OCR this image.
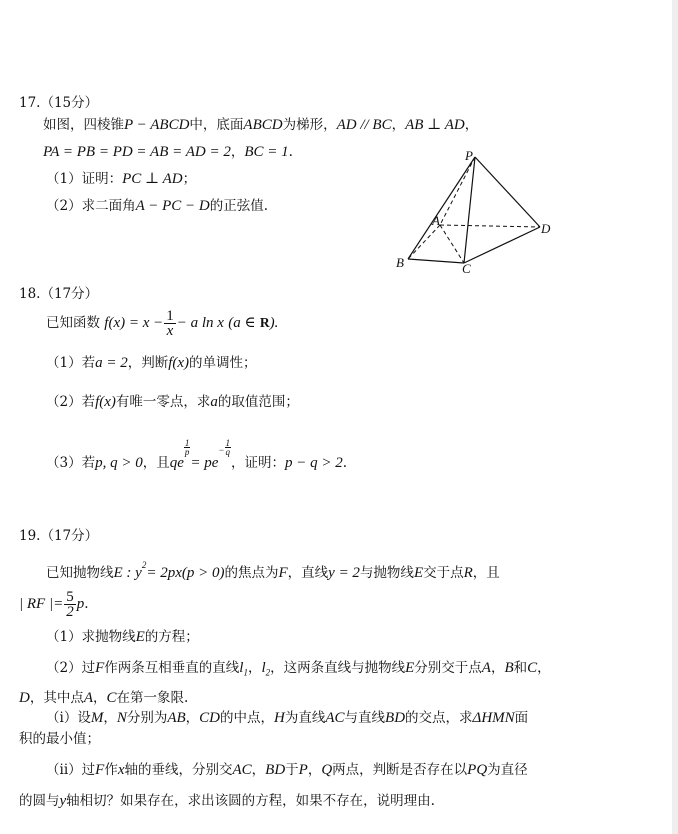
17.（15分）
如图，四棱锥P − ABCD中，底面ABCD为梯形，AD // BC，AB ⊥ AD，
PA = PB = PD = AB = AD = 2，BC = 1.
（1）证明：PC ⊥ AD；
（2）求二面角A − PC − D的正弦值.
P
A
B	C
D
18.（17分）
已知函数 $f(x) = x - \frac{1}{x} - a$ ln x (a ∈ R).
（1）若a = 2，判断f(x)的单调性；
（2）若f(x)有唯一零点，求a的取值范围；
（3）若p, q > 0，且qe
$\frac{1}{p}$
= $pe^- \frac{1}{q}$
，证明：p − q > 2.
19.（17分）
已知抛物线E : $y^2= 2px(p > 0)$的焦点为F，直线y = 2与抛物线E交于点R，且
| RF |= $\frac{5}{2} p$.
（1）求抛物线E的方程；
（2）过F作两条互相垂直的直线$l_1$，$l_2$，这两条直线与抛物线E分别交于点A，B和C，
D，其中点A，C在第一象限.
（i）设M，N分别为AB，CD的中点，H为直线AC与直线BD的交点，求ΔHMN面
积的最小值；
（ii）过F作x轴的垂线，分别交AC，BD于P，Q两点，判断是否存在以PQ为直径
的圆与y轴相切？如果存在，求出该圆的方程，如果不存在，说明理由.
